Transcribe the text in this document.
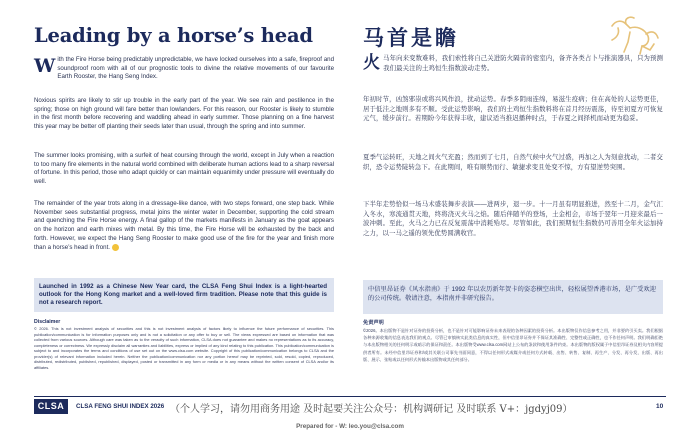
Leading by a horse’s head 马首是瞻

With the Fire Horse being predictably unpredictable, we have locked ourselves into a safe, fireproof and soundproof room with all of our prognostic tools to divine the relative movements of our favourite Earth Rooster, the Hang Seng Index.

Noxious spirits are likely to stir up trouble in the early part of the year. We see rain and pestilence in the spring; those on high ground will fare better than lowlanders. For this reason, our Rooster is likely to stumble in the first month before recovering and waddling ahead in early summer. Those planning on a fine harvest this year may be better off planting their seeds later than usual, through the spring and into summer.

The summer looks promising, with a surfeit of heat coursing through the world, except in July when a reaction to too many fire elements in the natural world combined with deliberate human actions lead to a sharp reversal of fortune. In this period, those who adapt quickly or can maintain equanimity under pressure will eventually do well.

The remainder of the year trots along in a dressage-like dance, with two steps forward, one step back. While November sees substantial progress, metal joins the winter water in December, supporting the cold stream and quenching the Fire Horse energy. A final gallop of the markets manifests in January as the goat appears on the horizon and earth mixes with metal. By this time, the Fire Horse will be exhausted by the back and forth. However, we expect the Hang Seng Rooster to make good use of the fire for the year and finish more than a horse’s head in front.

Launched in 1992 as a Chinese New Year card, the CLSA Feng Shui Index is a light-hearted outlook for the Hong Kong market and a well-loved firm tradition. Please note that this guide is not a research report.

Disclaimer
© 2026. This is not investment analysis of securities and this is not investment analysis of factors likely to influence the future performance of securities. This publication/communication is for information purposes only and is not a solicitation or any offer to buy or sell. The views expressed are based on information that was collected from various sources. Although care was taken as to the veracity of such information, CLSA does not guarantee and makes no representations as to its accuracy, completeness or correctness. We expressly disclaim all warranties and liabilities, express or implied of any kind relating to this publication. This publication/communication is subject to and incorporates the terms and conditions of use set out on the www.clsa.com website. Copyright of this publication/communication belongs to CLSA and the provider(s) of relevant information included herein. Neither the publication/communication nor any portion hereof may be reprinted, sold, resold, copied, reproduced, distributed, redistributed, published, republished, displayed, posted or transmitted in any form or media or in any means without the written consent of CLSA and/or its affiliates.

火马年向来变数难料，我们索性将自己关进防火隔音的密室内，备齐各类占卜与推演器具，只为预测我们最关注的土鸡恒生指数波动走势。

年初时节，凶煞邪祟或将兴风作浪，扰动运势。春季多阴雨连绵，易滋生疫病；住在高处的人运势更佳，居于低洼之地则多有不顺。受此运势影响，我们的土鸡恒生指数料将在首月经历震荡，待至初夏方可恢复元气，缓步前行。若期盼今年获得丰收，建议适当推迟播种时点，于春夏之间择机而动更为稳妥。

夏季气运转旺，天地之间火气充盈；然而到了七月，自然气候中火气过盛，再加之人为刻意扰动，二者交织，恐令运势陡转急下。在此期间，唯有顺势而行、敏捷求变且处变不惊，方有望逆势突围。

下半年走势恰似一场马术盛装舞步表演——进两步，退一步。十一月虽有明显推进，然至十二月，金气汇入冬水，寒流通贯天地，终将浇灭火马之焰。随后伴随羊的登场，土金相会，市场于翌年一月迎来最后一波冲刺。至此，火马之力已在反复震荡中消耗殆尽。尽管如此，我们预期恒生指数仍可善用全年火运加持之力，以一马之遥的领先优势圆满收官。

中信里昂证券《风水指南》于 1992 年以农历新年贺卡的姿态横空出世，轻松展望香港市场，是广受欢迎的公司传统。敬请注意，本指南并非研究报告。

免责声明
©2026。本出版物不是针对证券的投资分析，也不是针对可能影响证券未来表现的各种因素的投资分析。本出版物仅作信息参考之用，并非要约引买卖。我们根据各种来源收集的信息表达我们的观点。尽管已审慎核实此类信息的真实性，但中信里昂证券并不保证其准确性、完整性或正确性，也不作任何声明。我们明确拒绝与本出版物相关的任何明示或暗示的保证和责任。本出版物受www.clsa.com网站上公布的条款和使用条件约束。本出版物的版权属于中信里昂证券及相关内容所提供者所有。未经中信里昂证券和/或其关联公司事先书面同意，不得以任何形式或媒介或任何方式转载、出售、转售、复制、再生产、分发、再分发、出版、再出版、展示、张贴或以任何形式传输本出版物或其任何部分。
CLSA	CLSA FENG SHUI INDEX 2026 （个人学习，请勿用商务用途 及时起要关注公众号：机构调研记 及时联系 V+：jgdyj09）	10
Prepared for - W: leo.you@clsa.com
